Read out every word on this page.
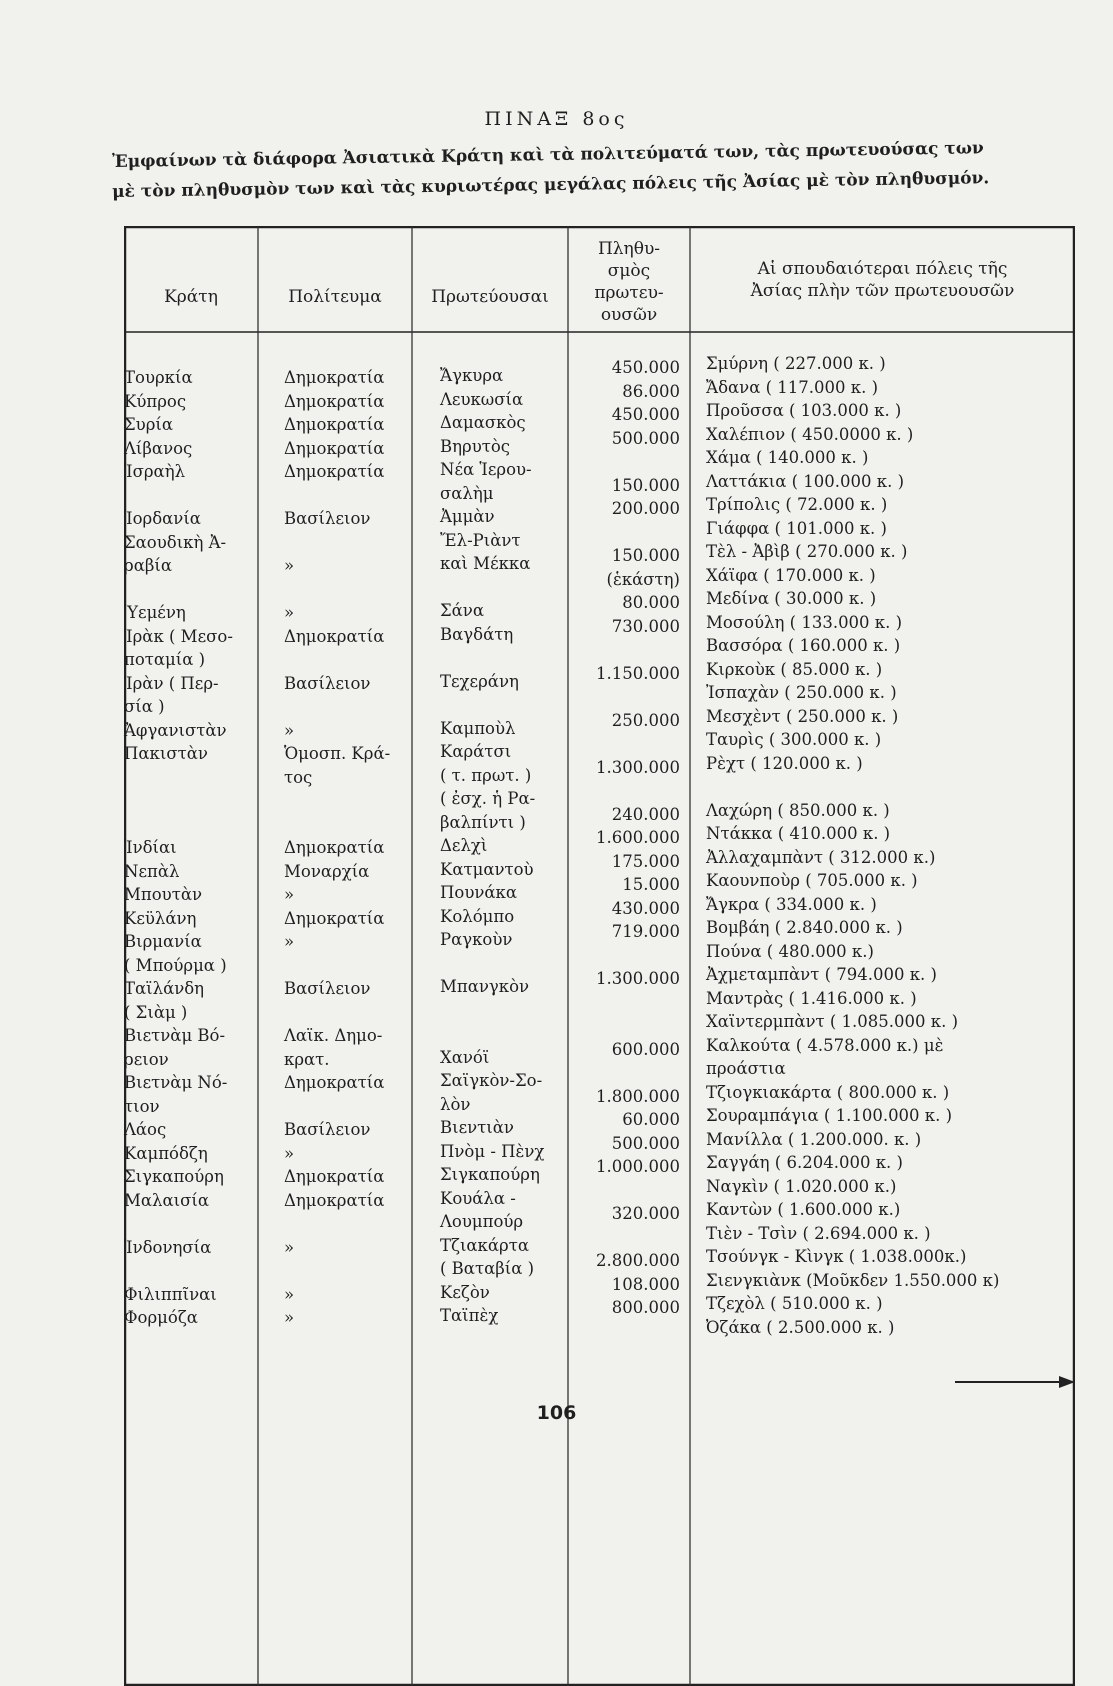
ΠΙΝΑΞ 8ος
Ἐμφαίνων τὰ διάφορα Ἀσιατικὰ Κράτη καὶ τὰ πολιτεύματά των, τὰς πρωτευούσας των
μὲ τὸν πληθυσμὸν των καὶ τὰς κυριωτέρας μεγάλας πόλεις τῆς Ἀσίας μὲ τὸν πληθυσμόν.
Κράτη	Πολίτευμα	Πρωτεύουσαι
Πληθυ-
σμὸς
πρωτευ-
ουσῶν
Αἱ σπουδαιότεραι πόλεις τῆς
Ἀσίας πλὴν τῶν πρωτευουσῶν
Τουρκία
Κύπρος
Συρία
Λίβανος
Ἰσραὴλ
Ἰορδανία
Σαουδικὴ Ἀ-
ραβία
Ὑεμένη
Ἰρὰκ ( Μεσο-
ποταμία )
Ἰρὰν ( Περ-
σία )
Ἀφγανιστὰν
Πακιστὰν
Ἰνδίαι
Νεπὰλ
Μπουτὰν
Κεϋλάνη
Βιρμανία
( Μπούρμα )
Ταϊλάνδη
( Σιὰμ )
Βιετνὰμ Βό-
ρειον
Βιετνὰμ Νό-
τιον
Λάος
Καμπόδζη
Σιγκαπούρη
Μαλαισία
Ἰνδονησία
Φιλιππῖναι
Φορμόζα
Δημοκρατία
Δημοκρατία
Δημοκρατία
Δημοκρατία
Δημοκρατία
Βασίλειον
»
»
Δημοκρατία
Βασίλειον
»
Ὁμοσπ. Κρά-
τος
Δημοκρατία
Μοναρχία
»
Δημοκρατία
»
Βασίλειον
Λαϊκ. Δημο-
κρατ.
Δημοκρατία
Βασίλειον
»
Δημοκρατία
Δημοκρατία
»
»
»
Ἄγκυρα
Λευκωσία
Δαμασκὸς
Βηρυτὸς
Νέα Ἱερου-
σαλὴμ
Ἀμμὰν
Ἔλ-Ριὰντ
καὶ Μέκκα
Σάνα
Βαγδάτη
Τεχεράνη
Καμποὺλ
Καράτσι
( τ. πρωτ. )
( ἐσχ. ἡ Ρα-
βαλπίντι )
Δελχὶ
Κατμαντοὺ
Πουνάκα
Κολόμπο
Ραγκοὺν
Μπανγκὸν
Χανόϊ
Σαϊγκὸν-Σο-
λὸν
Βιεντιὰν
Πνὸμ - Πὲνχ
Σιγκαπούρη
Κουάλα -
Λουμπούρ
Τζιακάρτα
( Βαταβία )
Κεζὸν
Ταϊπὲχ
450.000
86.000
450.000
500.000
150.000
200.000
150.000
(ἑκάστη)
80.000
730.000
1.150.000
250.000
1.300.000
240.000
1.600.000
175.000
15.000
430.000
719.000
1.300.000
600.000
1.800.000
60.000
500.000
1.000.000
320.000
2.800.000
108.000
800.000
Σμύρνη ( 227.000 κ. )
Ἄδανα ( 117.000 κ. )
Προῦσσα ( 103.000 κ. )
Χαλέπιον ( 450.0000 κ. )
Χάμα ( 140.000 κ. )
Λαττάκια ( 100.000 κ. )
Τρίπολις ( 72.000 κ. )
Γιάφφα ( 101.000 κ. )
Τὲλ - Ἀβὶβ ( 270.000 κ. )
Χάϊφα ( 170.000 κ. )
Μεδίνα ( 30.000 κ. )
Μοσούλη ( 133.000 κ. )
Βασσόρα ( 160.000 κ. )
Κιρκοὺκ ( 85.000 κ. )
Ἰσπαχὰν ( 250.000 κ. )
Μεσχὲντ ( 250.000 κ. )
Ταυρὶς ( 300.000 κ. )
Ρὲχτ ( 120.000 κ. )
Λαχώρη ( 850.000 κ. )
Ντάκκα ( 410.000 κ. )
Ἀλλαχαμπὰντ ( 312.000 κ.)
Καουνποὺρ ( 705.000 κ. )
Ἄγκρα ( 334.000 κ. )
Βομβάη ( 2.840.000 κ. )
Πούνα ( 480.000 κ.)
Ἀχμεταμπὰντ ( 794.000 κ. )
Μαντρὰς ( 1.416.000 κ. )
Χαϊντερμπὰντ ( 1.085.000 κ. )
Καλκούτα ( 4.578.000 κ.) μὲ
προάστια
Τζιογκιακάρτα ( 800.000 κ. )
Σουραμπάγια ( 1.100.000 κ. )
Μανίλλα ( 1.200.000. κ. )
Σαγγάη ( 6.204.000 κ. )
Ναγκὶν ( 1.020.000 κ.)
Καντὼν ( 1.600.000 κ.)
Τιὲν - Τσὶν ( 2.694.000 κ. )
Τσούνγκ - Κὶνγκ ( 1.038.000κ.)
Σιενγκιὰνκ (Μοῦκδεν 1.550.000 κ)
Τζεχὸλ ( 510.000 κ. )
Ὀζάκα ( 2.500.000 κ. )
106
